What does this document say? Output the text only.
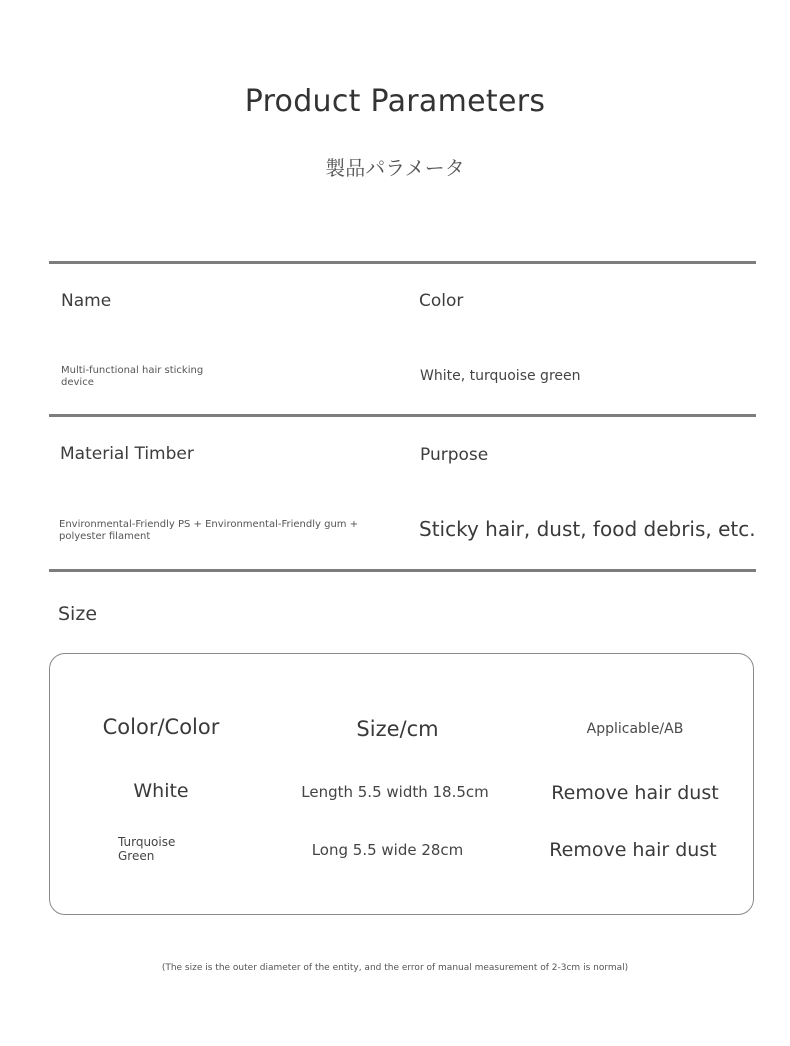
Product Parameters
製品パラメータ
Name	Color
Multi-functional hair sticking device	White, turquoise green
Material Timber	Purpose
Environmental-Friendly PS + Environmental-Friendly gum + polyester filament	Sticky hair, dust, food debris, etc.
Size
Color/Color	Size/cm	Applicable/AB
White	Length 5.5 width 18.5cm	Remove hair dust
Turquoise Green	Long 5.5 wide 28cm	Remove hair dust
(The size is the outer diameter of the entity, and the error of manual measurement of 2-3cm is normal)
